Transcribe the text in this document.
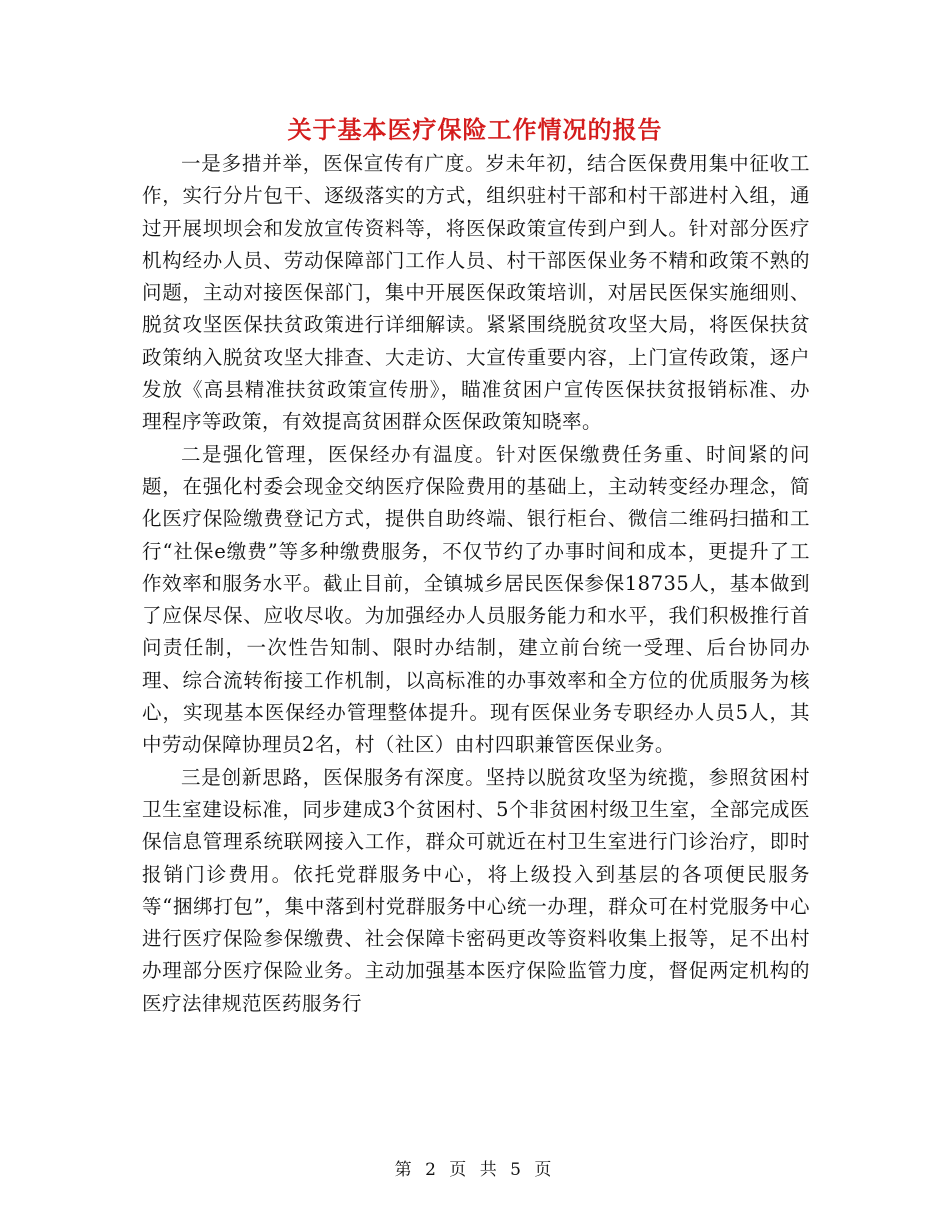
关于基本医疗保险工作情况的报告

一是多措并举，医保宣传有广度。岁未年初，结合医保费用集中征收工作，实行分片包干、逐级落实的方式，组织驻村干部和村干部进村入组，通过开展坝坝会和发放宣传资料等，将医保政策宣传到户到人。针对部分医疗机构经办人员、劳动保障部门工作人员、村干部医保业务不精和政策不熟的问题，主动对接医保部门，集中开展医保政策培训，对居民医保实施细则、脱贫攻坚医保扶贫政策进行详细解读。紧紧围绕脱贫攻坚大局，将医保扶贫政策纳入脱贫攻坚大排查、大走访、大宣传重要内容，上门宣传政策，逐户发放《高县精准扶贫政策宣传册》，瞄准贫困户宣传医保扶贫报销标准、办理程序等政策，有效提高贫困群众医保政策知晓率。

二是强化管理，医保经办有温度。针对医保缴费任务重、时间紧的问题，在强化村委会现金交纳医疗保险费用的基础上，主动转变经办理念，简化医疗保险缴费登记方式，提供自助终端、银行柜台、微信二维码扫描和工行“社保e缴费”等多种缴费服务，不仅节约了办事时间和成本，更提升了工作效率和服务水平。截止目前，全镇城乡居民医保参保18735人，基本做到了应保尽保、应收尽收。为加强经办人员服务能力和水平，我们积极推行首问责任制，一次性告知制、限时办结制，建立前台统一受理、后台协同办理、综合流转衔接工作机制，以高标准的办事效率和全方位的优质服务为核心，实现基本医保经办管理整体提升。现有医保业务专职经办人员5人，其中劳动保障协理员2名，村（社区）由村四职兼管医保业务。

三是创新思路，医保服务有深度。坚持以脱贫攻坚为统揽，参照贫困村卫生室建设标准，同步建成3个贫困村、5个非贫困村级卫生室，全部完成医保信息管理系统联网接入工作，群众可就近在村卫生室进行门诊治疗，即时报销门诊费用。依托党群服务中心，将上级投入到基层的各项便民服务等“捆绑打包”，集中落到村党群服务中心统一办理，群众可在村党服务中心进行医疗保险参保缴费、社会保障卡密码更改等资料收集上报等，足不出村办理部分医疗保险业务。主动加强基本医疗保险监管力度，督促两定机构的医疗法律规范医药服务行

第 2 页 共 5 页
